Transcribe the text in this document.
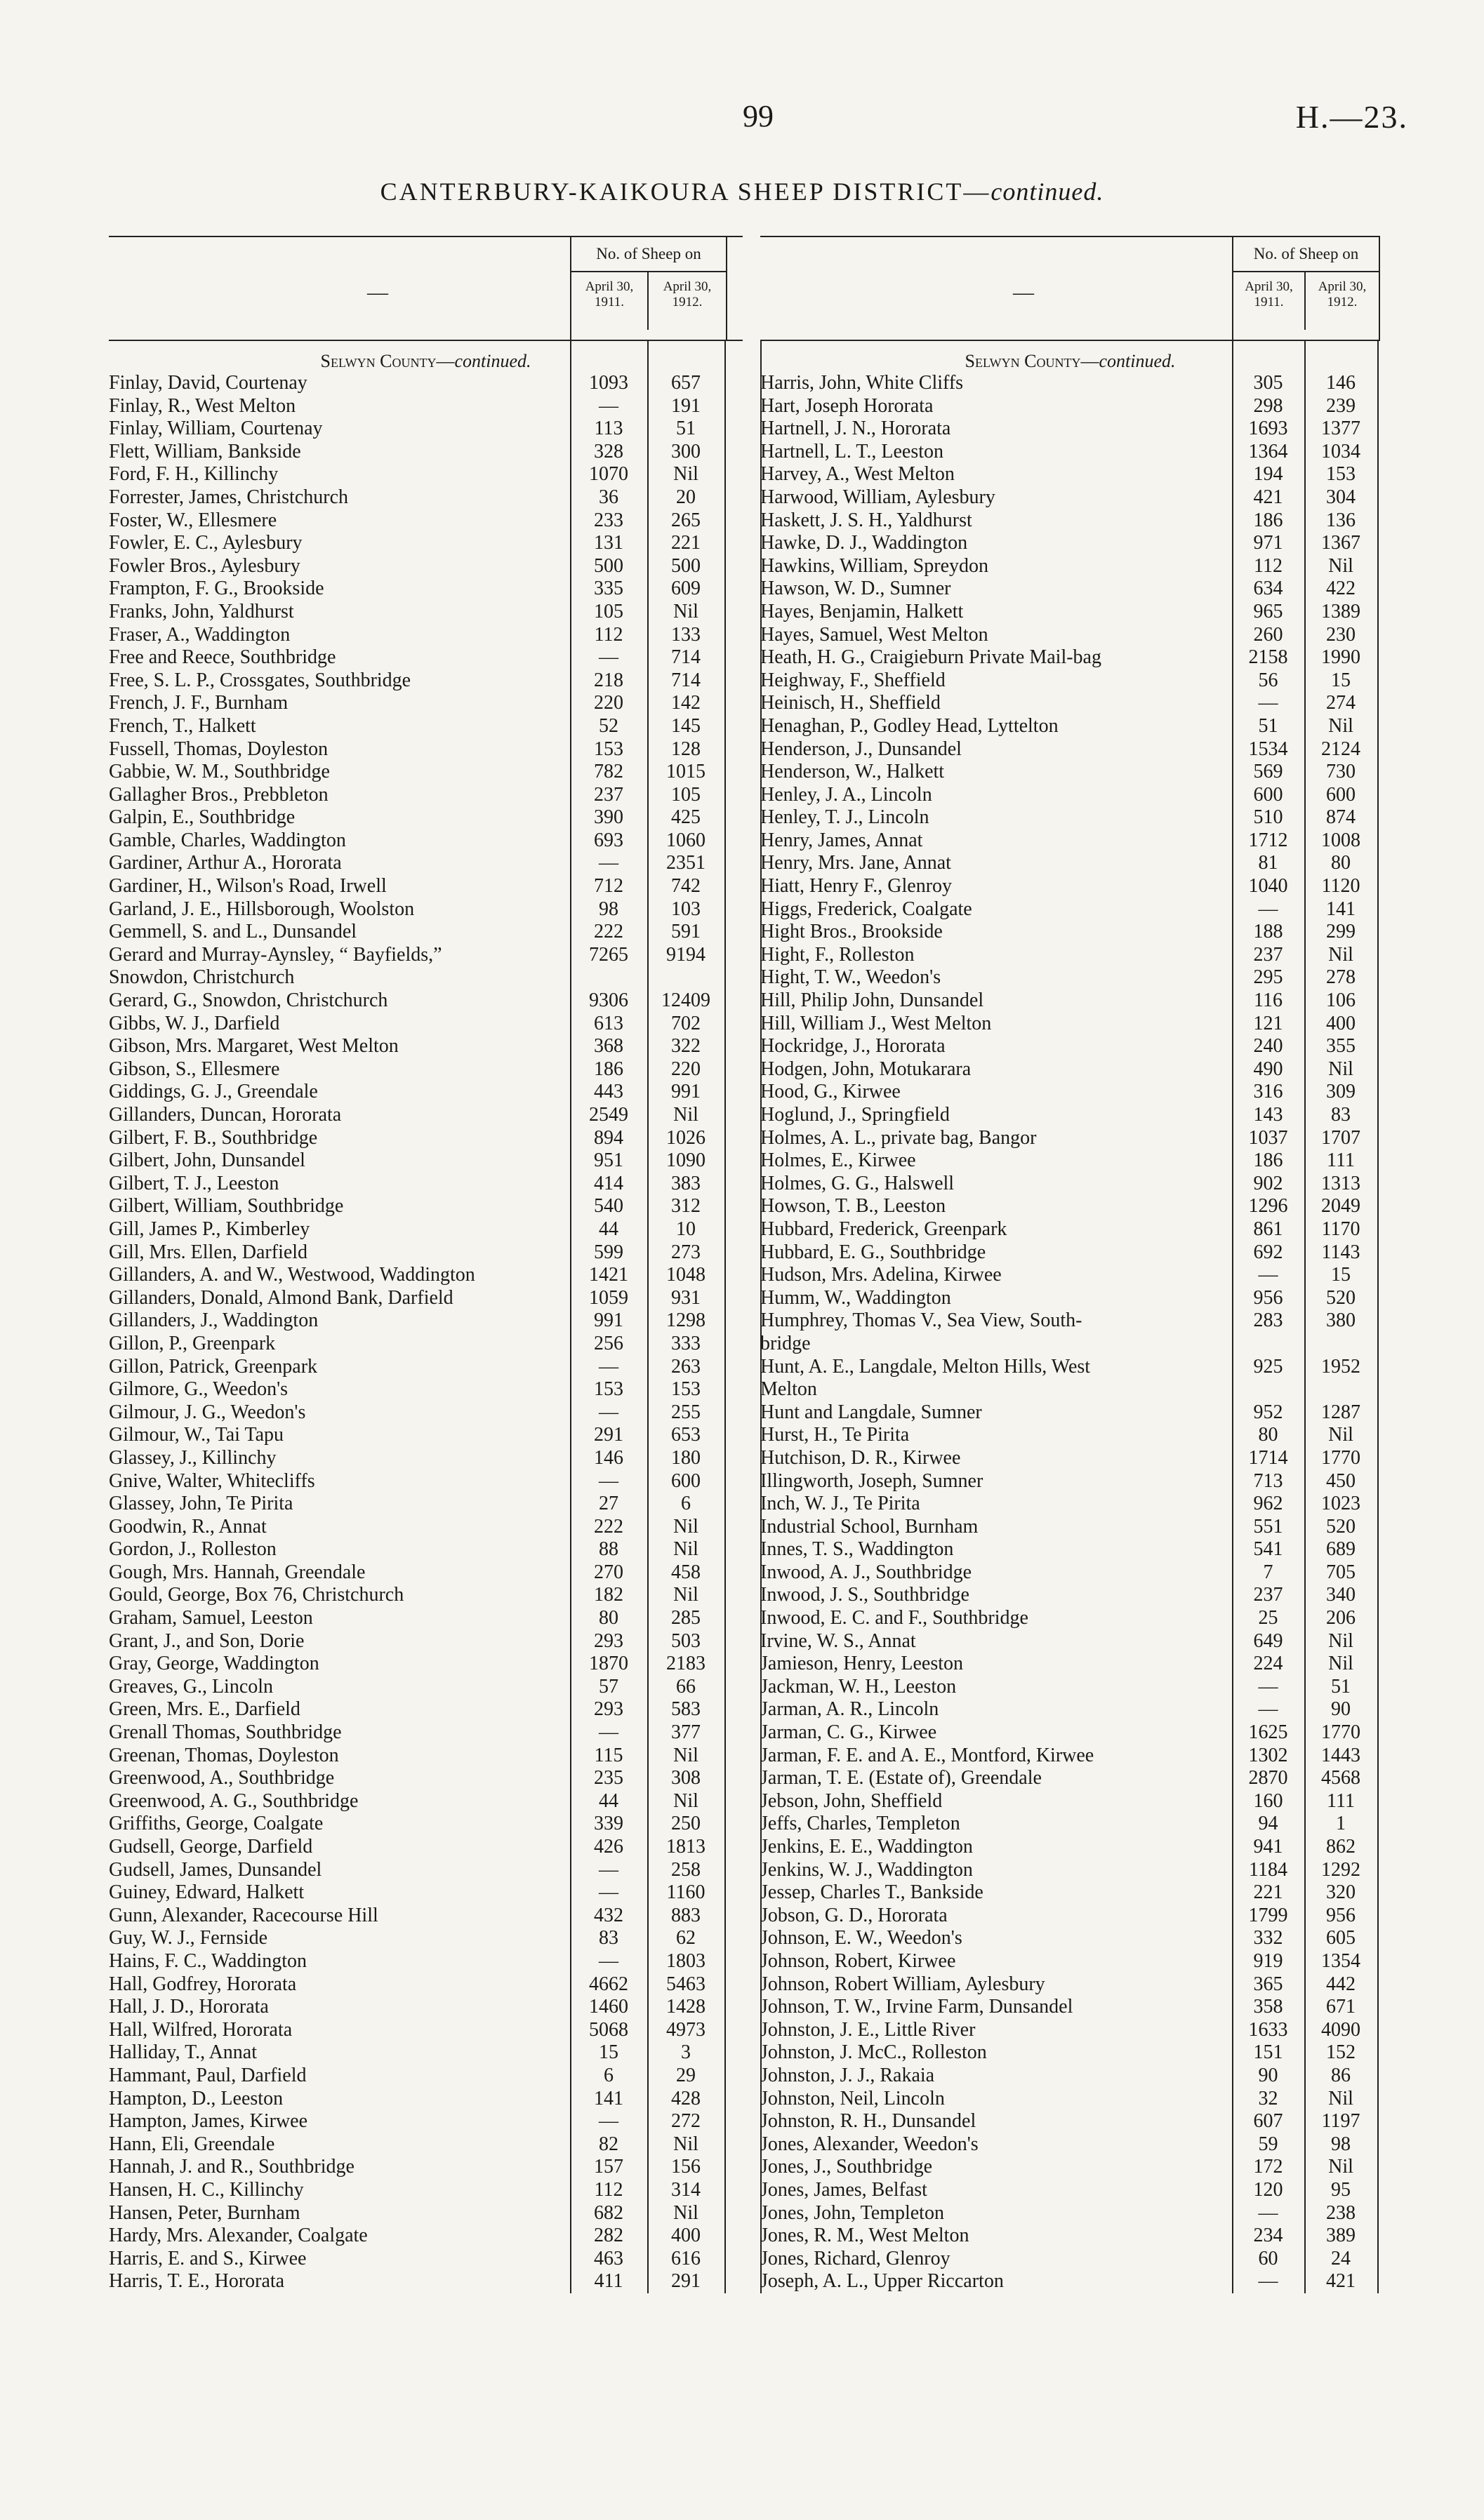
99	H.—23.
CANTERBURY-KAIKOURA SHEEP DISTRICT—continued.
—
No. of Sheep on
April 30, 1911.
April 30, 1912.
Selwyn County—continued.
Finlay, David, Courtenay	1093	657
Finlay, R., West Melton	—	191
Finlay, William, Courtenay	113	51
Flett, William, Bankside	328	300
Ford, F. H., Killinchy	1070	Nil
Forrester, James, Christchurch	36	20
Foster, W., Ellesmere	233	265
Fowler, E. C., Aylesbury	131	221
Fowler Bros., Aylesbury	500	500
Frampton, F. G., Brookside	335	609
Franks, John, Yaldhurst	105	Nil
Fraser, A., Waddington	112	133
Free and Reece, Southbridge	—	714
Free, S. L. P., Crossgates, Southbridge	218	714
French, J. F., Burnham	220	142
French, T., Halkett	52	145
Fussell, Thomas, Doyleston	153	128
Gabbie, W. M., Southbridge	782	1015
Gallagher Bros., Prebbleton	237	105
Galpin, E., Southbridge	390	425
Gamble, Charles, Waddington	693	1060
Gardiner, Arthur A., Hororata	—	2351
Gardiner, H., Wilson's Road, Irwell	712	742
Garland, J. E., Hillsborough, Woolston	98	103
Gemmell, S. and L., Dunsandel	222	591
Gerard and Murray-Aynsley, “ Bayfields,”	7265	9194
Snowdon, Christchurch
Gerard, G., Snowdon, Christchurch	9306	12409
Gibbs, W. J., Darfield	613	702
Gibson, Mrs. Margaret, West Melton	368	322
Gibson, S., Ellesmere	186	220
Giddings, G. J., Greendale	443	991
Gillanders, Duncan, Hororata	2549	Nil
Gilbert, F. B., Southbridge	894	1026
Gilbert, John, Dunsandel	951	1090
Gilbert, T. J., Leeston	414	383
Gilbert, William, Southbridge	540	312
Gill, James P., Kimberley	44	10
Gill, Mrs. Ellen, Darfield	599	273
Gillanders, A. and W., Westwood, Waddington	1421	1048
Gillanders, Donald, Almond Bank, Darfield	1059	931
Gillanders, J., Waddington	991	1298
Gillon, P., Greenpark	256	333
Gillon, Patrick, Greenpark	—	263
Gilmore, G., Weedon's	153	153
Gilmour, J. G., Weedon's	—	255
Gilmour, W., Tai Tapu	291	653
Glassey, J., Killinchy	146	180
Gnive, Walter, Whitecliffs	—	600
Glassey, John, Te Pirita	27	6
Goodwin, R., Annat	222	Nil
Gordon, J., Rolleston	88	Nil
Gough, Mrs. Hannah, Greendale	270	458
Gould, George, Box 76, Christchurch	182	Nil
Graham, Samuel, Leeston	80	285
Grant, J., and Son, Dorie	293	503
Gray, George, Waddington	1870	2183
Greaves, G., Lincoln	57	66
Green, Mrs. E., Darfield	293	583
Grenall Thomas, Southbridge	—	377
Greenan, Thomas, Doyleston	115	Nil
Greenwood, A., Southbridge	235	308
Greenwood, A. G., Southbridge	44	Nil
Griffiths, George, Coalgate	339	250
Gudsell, George, Darfield	426	1813
Gudsell, James, Dunsandel	—	258
Guiney, Edward, Halkett	—	1160
Gunn, Alexander, Racecourse Hill	432	883
Guy, W. J., Fernside	83	62
Hains, F. C., Waddington	—	1803
Hall, Godfrey, Hororata	4662	5463
Hall, J. D., Hororata	1460	1428
Hall, Wilfred, Hororata	5068	4973
Halliday, T., Annat	15	3
Hammant, Paul, Darfield	6	29
Hampton, D., Leeston	141	428
Hampton, James, Kirwee	—	272
Hann, Eli, Greendale	82	Nil
Hannah, J. and R., Southbridge	157	156
Hansen, H. C., Killinchy	112	314
Hansen, Peter, Burnham	682	Nil
Hardy, Mrs. Alexander, Coalgate	282	400
Harris, E. and S., Kirwee	463	616
Harris, T. E., Hororata	411	291
—
No. of Sheep on
April 30, 1911.
April 30, 1912.
Selwyn County—continued.
Harris, John, White Cliffs	305	146
Hart, Joseph Hororata	298	239
Hartnell, J. N., Hororata	1693	1377
Hartnell, L. T., Leeston	1364	1034
Harvey, A., West Melton	194	153
Harwood, William, Aylesbury	421	304
Haskett, J. S. H., Yaldhurst	186	136
Hawke, D. J., Waddington	971	1367
Hawkins, William, Spreydon	112	Nil
Hawson, W. D., Sumner	634	422
Hayes, Benjamin, Halkett	965	1389
Hayes, Samuel, West Melton	260	230
Heath, H. G., Craigieburn Private Mail-bag	2158	1990
Heighway, F., Sheffield	56	15
Heinisch, H., Sheffield	—	274
Henaghan, P., Godley Head, Lyttelton	51	Nil
Henderson, J., Dunsandel	1534	2124
Henderson, W., Halkett	569	730
Henley, J. A., Lincoln	600	600
Henley, T. J., Lincoln	510	874
Henry, James, Annat	1712	1008
Henry, Mrs. Jane, Annat	81	80
Hiatt, Henry F., Glenroy	1040	1120
Higgs, Frederick, Coalgate	—	141
Hight Bros., Brookside	188	299
Hight, F., Rolleston	237	Nil
Hight, T. W., Weedon's	295	278
Hill, Philip John, Dunsandel	116	106
Hill, William J., West Melton	121	400
Hockridge, J., Hororata	240	355
Hodgen, John, Motukarara	490	Nil
Hood, G., Kirwee	316	309
Hoglund, J., Springfield	143	83
Holmes, A. L., private bag, Bangor	1037	1707
Holmes, E., Kirwee	186	111
Holmes, G. G., Halswell	902	1313
Howson, T. B., Leeston	1296	2049
Hubbard, Frederick, Greenpark	861	1170
Hubbard, E. G., Southbridge	692	1143
Hudson, Mrs. Adelina, Kirwee	—	15
Humm, W., Waddington	956	520
Humphrey, Thomas V., Sea View, South-	283	380
bridge
Hunt, A. E., Langdale, Melton Hills, West	925	1952
Melton
Hunt and Langdale, Sumner	952	1287
Hurst, H., Te Pirita	80	Nil
Hutchison, D. R., Kirwee	1714	1770
Illingworth, Joseph, Sumner	713	450
Inch, W. J., Te Pirita	962	1023
Industrial School, Burnham	551	520
Innes, T. S., Waddington	541	689
Inwood, A. J., Southbridge	7	705
Inwood, J. S., Southbridge	237	340
Inwood, E. C. and F., Southbridge	25	206
Irvine, W. S., Annat	649	Nil
Jamieson, Henry, Leeston	224	Nil
Jackman, W. H., Leeston	—	51
Jarman, A. R., Lincoln	—	90
Jarman, C. G., Kirwee	1625	1770
Jarman, F. E. and A. E., Montford, Kirwee	1302	1443
Jarman, T. E. (Estate of), Greendale	2870	4568
Jebson, John, Sheffield	160	111
Jeffs, Charles, Templeton	94	1
Jenkins, E. E., Waddington	941	862
Jenkins, W. J., Waddington	1184	1292
Jessep, Charles T., Bankside	221	320
Jobson, G. D., Hororata	1799	956
Johnson, E. W., Weedon's	332	605
Johnson, Robert, Kirwee	919	1354
Johnson, Robert William, Aylesbury	365	442
Johnson, T. W., Irvine Farm, Dunsandel	358	671
Johnston, J. E., Little River	1633	4090
Johnston, J. McC., Rolleston	151	152
Johnston, J. J., Rakaia	90	86
Johnston, Neil, Lincoln	32	Nil
Johnston, R. H., Dunsandel	607	1197
Jones, Alexander, Weedon's	59	98
Jones, J., Southbridge	172	Nil
Jones, James, Belfast	120	95
Jones, John, Templeton	—	238
Jones, R. M., West Melton	234	389
Jones, Richard, Glenroy	60	24
Joseph, A. L., Upper Riccarton	—	421
